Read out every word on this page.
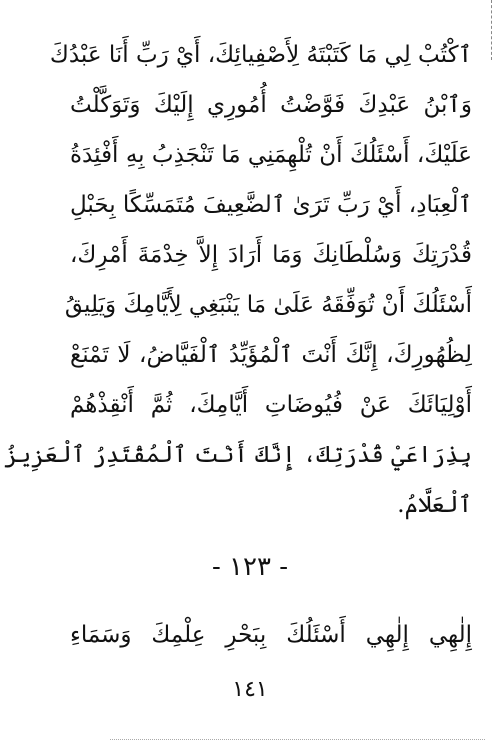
ٱكْتُبْ لِي مَا كَتَبْتَهُ لِأَصْفِيائِكَ، أَيْ رَبِّ أَنَا عَبْدُكَ
وَٱبْنُ عَبْدِكَ فَوَّضْتُ أُمُورِي إِلَيْكَ وَتَوَكَّلْتُ
عَلَيْكَ، أَسْئَلُكَ أَنْ تُلْهِمَنِي مَا تَنْجَذِبُ بِهِ أَفْئِدَةُ
ٱلْعِبَادِ، أَيْ رَبِّ تَرَىٰ ٱلضَّعِيفَ مُتَمَسِّكًا بِحَبْلِ
قُدْرَتِكَ وَسُلْطَانِكَ وَمَا أَرَادَ إِلاَّ خِدْمَةَ أَمْرِكَ،
أَسْئَلُكَ أَنْ تُوَفِّقَهُ عَلَىٰ مَا يَنْبَغِي لِأَيَّامِكَ وَيَلِيقُ
لِظُهُورِكَ، إِنَّكَ أَنْتَ ٱلْمُؤَيِّدُ ٱلْفَيَّاضُ، لَا تَمْنَعْ
أَوْلِيَائَكَ عَنْ فُيُوضَاتِ أَيَّامِكَ، ثُمَّ أَنْقِذْهُمْ
بِذِرَاعَيْ قُدْرَتِكَ، إِنَّكَ أَنْتَ ٱلْمُقْتَدِرُ ٱلْعَزِيزُ
ٱلْعَلَّامُ.
- ١٢٣ -
إِلٰهِي إِلٰهِي أَسْئَلُكَ بِبَحْرِ عِلْمِكَ وَسَمَاءِ
١٤١
